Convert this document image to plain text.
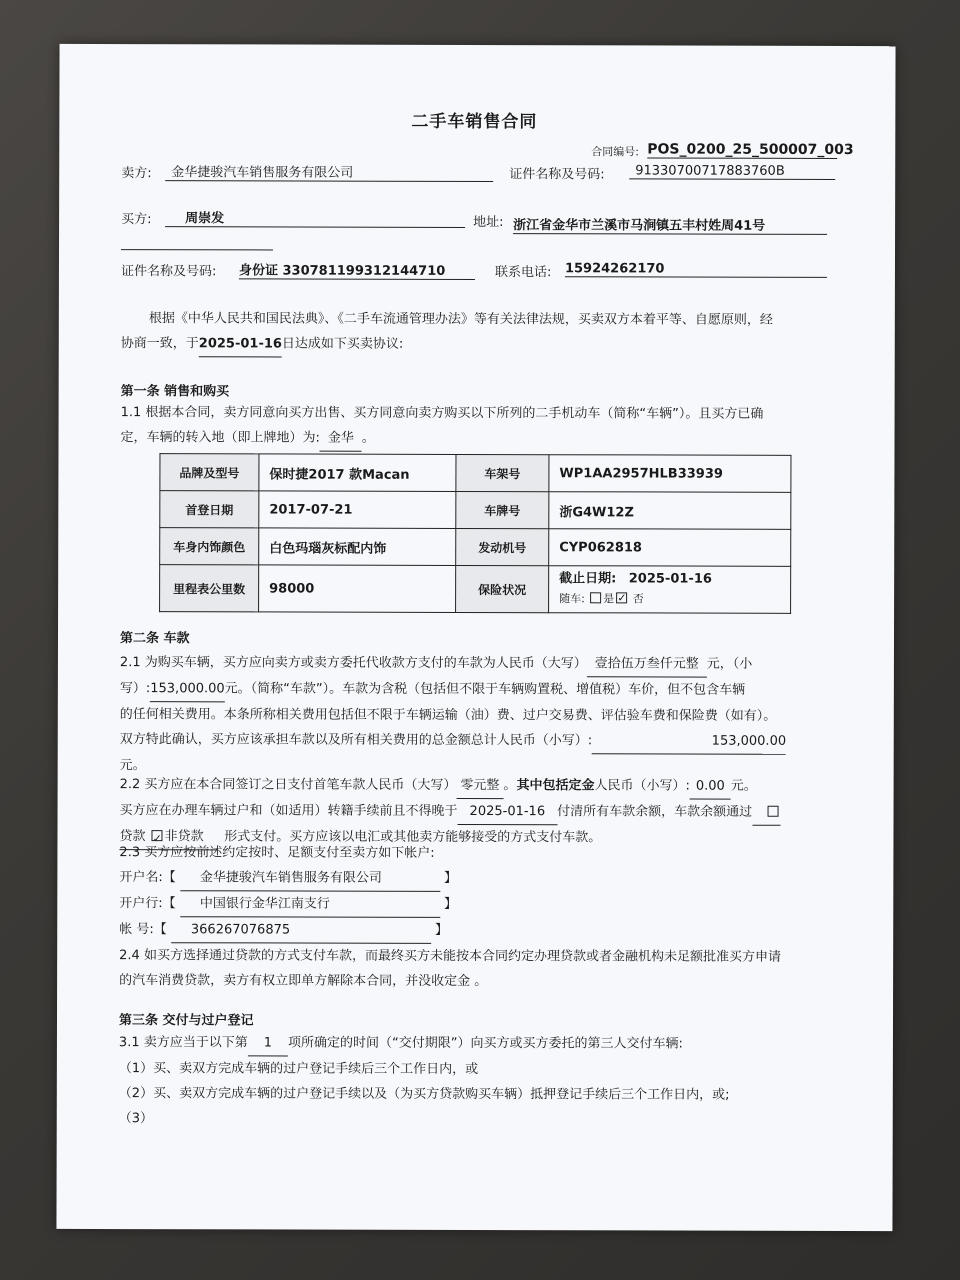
二手车销售合同
合同编号: POS_0200_25_500007_003
卖方:	金华捷骏汽车销售服务有限公司	证件名称及号码:	91330700717883760B
买方:	周崇发	地址: 浙江省金华市兰溪市马涧镇五丰村姓周41号
证件名称及号码: 身份证 330781199312144710	联系电话: 15924262170
根据《中华人民共和国民法典》、《二手车流通管理办法》等有关法律法规，买卖双方本着平等、自愿原则，经
协商一致，于2025-01-16日达成如下买卖协议:
第一条 销售和购买
1.1 根据本合同，卖方同意向买方出售、买方同意向卖方购买以下所列的二手机动车（简称“车辆”）。且买方已确
定，车辆的转入地（即上牌地）为: 金华 。
品牌及型号	保时捷2017 款Macan	车架号	WP1AA2957HLB33939
首登日期	2017-07-21	车牌号	浙G4W12Z
车身内饰颜色	白色玛瑙灰标配内饰	发动机号	CYP062818
里程表公里数	98000	保险状况	截止日期: 2025-01-16
随车: 是 ✓ 否
第二条 车款
2.1 为购买车辆，买方应向卖方或卖方委托代收款方支付的车款为人民币（大写） 壹拾伍万叁仟元整 元，（小
写）:153,000.00元。（简称“车款”）。车款为含税（包括但不限于车辆购置税、增值税）车价，但不包含车辆
的任何相关费用。本条所称相关费用包括但不限于车辆运输（油）费、过户交易费、评估验车费和保险费（如有）。
双方特此确认，买方应该承担车款以及所有相关费用的总金额总计人民币（小写）:	153,000.00
元。
2.2 买方应在本合同签订之日支付首笔车款人民币（大写） 零元整 。其中包括定金人民币（小写）: 0.00 元。
买方应在办理车辆过户和（如适用）转籍手续前且不得晚于 2025-01-16 付清所有车款余额，车款余额通过
贷款 ✓ 非贷款 形式支付。买方应该以电汇或其他卖方能够接受的方式支付车款。
2.3 买方应按前述约定按时、足额支付至卖方如下帐户:
开户名:【 金华捷骏汽车销售服务有限公司	】
开户行:【 中国银行金华江南支行	】
帐 号:【 366267076875	】
2.4 如买方选择通过贷款的方式支付车款，而最终买方未能按本合同约定办理贷款或者金融机构未足额批准买方申请
的汽车消费贷款，卖方有权立即单方解除本合同，并没收定金 。
第三条 交付与过户登记
3.1 卖方应当于以下第 1 项所确定的时间（“交付期限”）向买方或买方委托的第三人交付车辆:
（1）买、卖双方完成车辆的过户登记手续后三个工作日内，或
（2）买、卖双方完成车辆的过户登记手续以及（为买方贷款购买车辆）抵押登记手续后三个工作日内，或;
（3）
